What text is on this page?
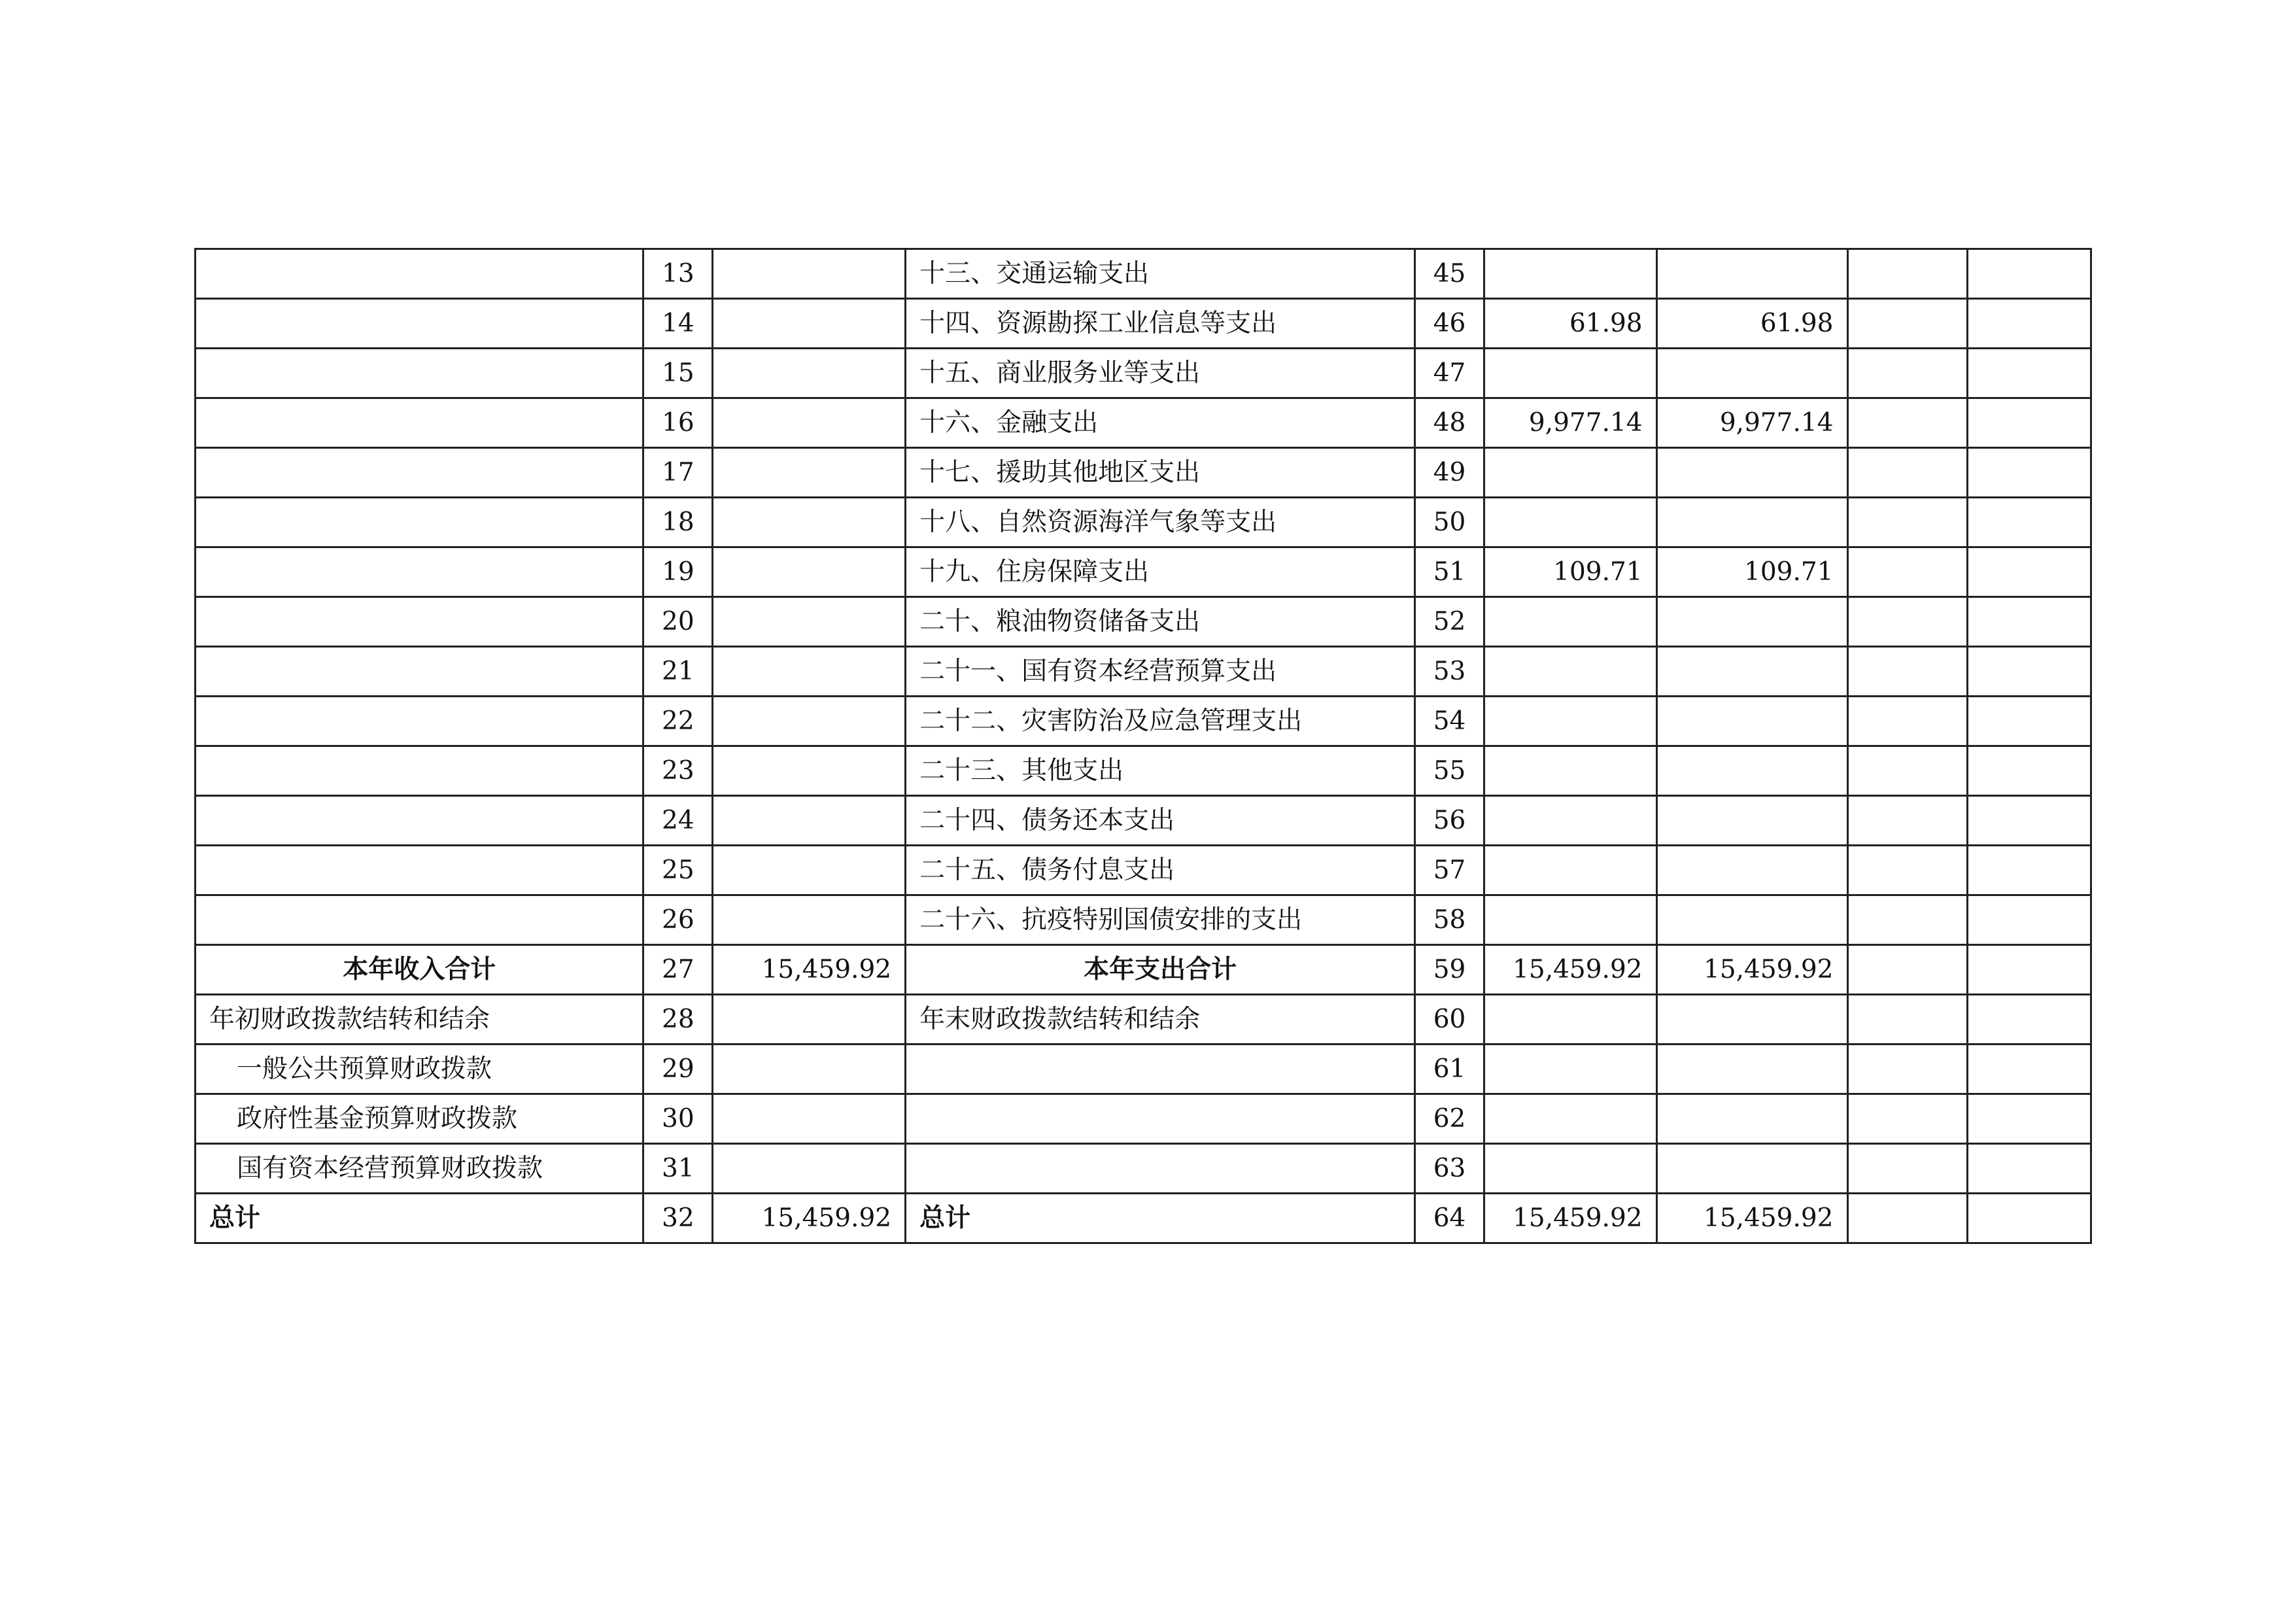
	13		十三、交通运输支出	45				
	14		十四、资源勘探工业信息等支出	46	61.98	61.98		
	15		十五、商业服务业等支出	47				
	16		十六、金融支出	48	9,977.14	9,977.14		
	17		十七、援助其他地区支出	49				
	18		十八、自然资源海洋气象等支出	50				
	19		十九、住房保障支出	51	109.71	109.71		
	20		二十、粮油物资储备支出	52				
	21		二十一、国有资本经营预算支出	53				
	22		二十二、灾害防治及应急管理支出	54				
	23		二十三、其他支出	55				
	24		二十四、债务还本支出	56				
	25		二十五、债务付息支出	57				
	26		二十六、抗疫特别国债安排的支出	58				
本年收入合计	27	15,459.92	本年支出合计	59	15,459.92	15,459.92		
年初财政拨款结转和结余	28		年末财政拨款结转和结余	60				
一般公共预算财政拨款	29			61				
政府性基金预算财政拨款	30			62				
国有资本经营预算财政拨款	31			63				
总计	32	15,459.92	总计	64	15,459.92	15,459.92		
